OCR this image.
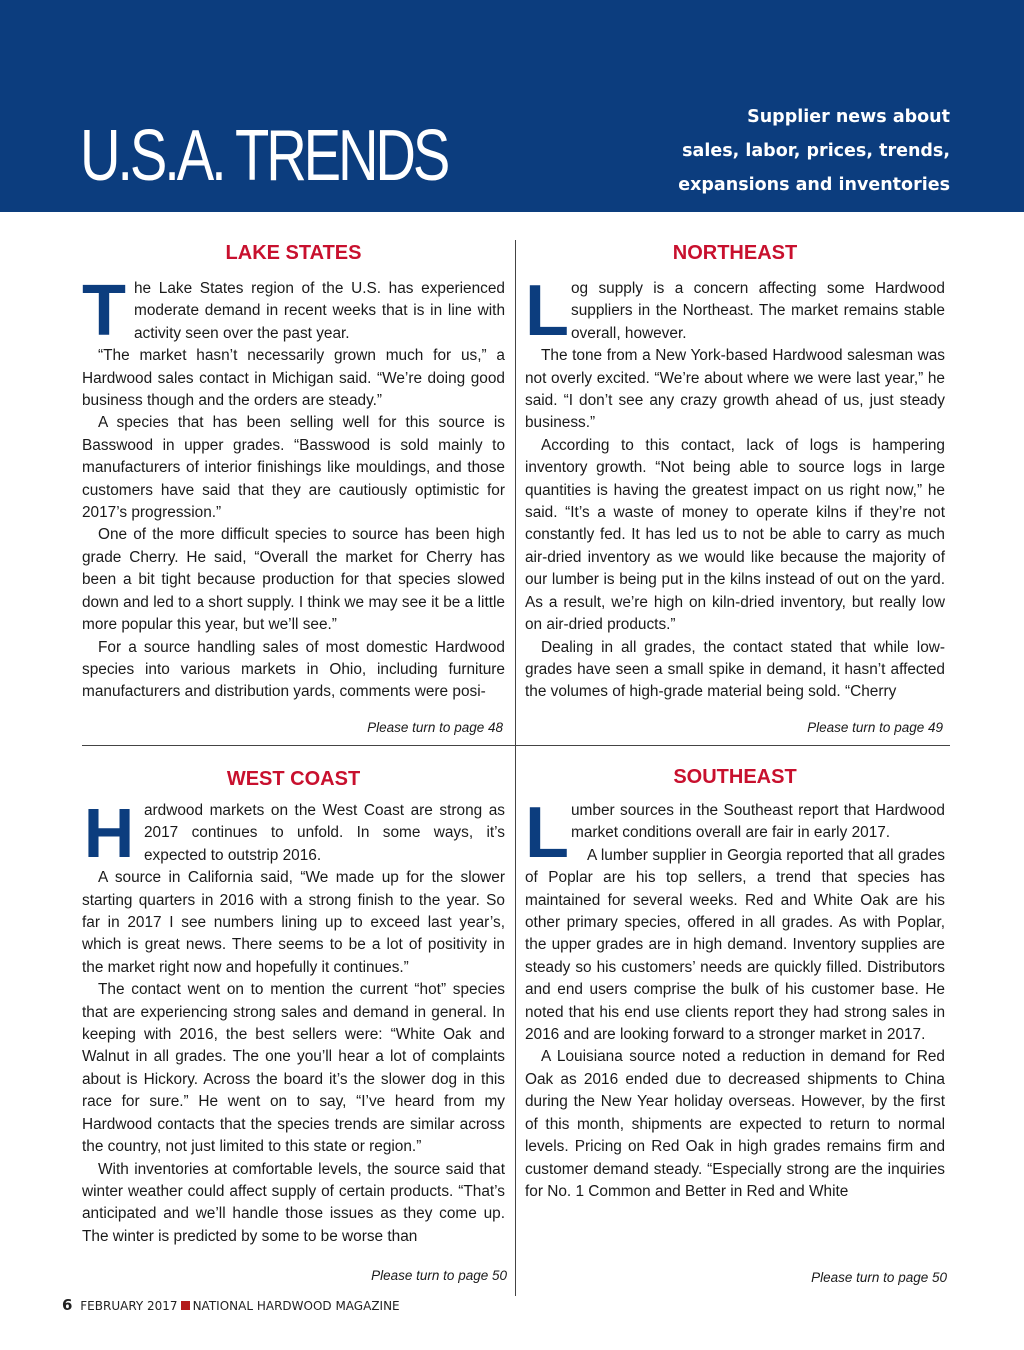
U.S.A. TRENDS	Supplier news about
sales, labor, prices, trends,
expansions and inventories
LAKE STATES

The Lake States region of the U.S. has experienced moderate demand in recent weeks that is in line with activity seen over the past year.

“The market hasn’t necessarily grown much for us,” a Hardwood sales contact in Michigan said. “We’re doing good business though and the orders are steady.”

A species that has been selling well for this source is Basswood in upper grades. “Basswood is sold mainly to manufacturers of interior finishings like mouldings, and those customers have said that they are cautiously optimistic for 2017’s progression.”

One of the more difficult species to source has been high grade Cherry. He said, “Overall the market for Cherry has been a bit tight because production for that species slowed down and led to a short supply. I think we may see it be a little more popular this year, but we’ll see.”

For a source handling sales of most domestic Hardwood species into various markets in Ohio, including furniture manufacturers and distribution yards, comments were posi-

Please turn to page 48
NORTHEAST

Log supply is a concern affecting some Hardwood suppliers in the Northeast. The market remains stable overall, however.

The tone from a New York-based Hardwood salesman was not overly excited. “We’re about where we were last year,” he said. “I don’t see any crazy growth ahead of us, just steady business.”

According to this contact, lack of logs is hampering inventory growth. “Not being able to source logs in large quantities is having the greatest impact on us right now,” he said. “It’s a waste of money to operate kilns if they’re not constantly fed. It has led us to not be able to carry as much air-dried inventory as we would like because the majority of our lumber is being put in the kilns instead of out on the yard. As a result, we’re high on kiln-dried inventory, but really low on air-dried products.”

Dealing in all grades, the contact stated that while low-grades have seen a small spike in demand, it hasn’t affected the volumes of high-grade material being sold. “Cherry

Please turn to page 49
WEST COAST

Hardwood markets on the West Coast are strong as 2017 continues to unfold. In some ways, it’s expected to outstrip 2016.

A source in California said, “We made up for the slower starting quarters in 2016 with a strong finish to the year. So far in 2017 I see numbers lining up to exceed last year’s, which is great news. There seems to be a lot of positivity in the market right now and hopefully it continues.”

The contact went on to mention the current “hot” species that are experiencing strong sales and demand in general. In keeping with 2016, the best sellers were: “White Oak and Walnut in all grades. The one you’ll hear a lot of complaints about is Hickory. Across the board it’s the slower dog in this race for sure.” He went on to say, “I’ve heard from my Hardwood contacts that the species trends are similar across the country, not just limited to this state or region.”

With inventories at comfortable levels, the source said that winter weather could affect supply of certain products. “That’s anticipated and we’ll handle those issues as they come up. The winter is predicted by some to be worse than

Please turn to page 50
SOUTHEAST

Lumber sources in the Southeast report that Hardwood market conditions overall are fair in early 2017.

A lumber supplier in Georgia reported that all grades of Poplar are his top sellers, a trend that species has maintained for several weeks. Red and White Oak are his other primary species, offered in all grades. As with Poplar, the upper grades are in high demand. Inventory supplies are steady so his customers’ needs are quickly filled. Distributors and end users comprise the bulk of his customer base. He noted that his end use clients report they had strong sales in 2016 and are looking forward to a stronger market in 2017.

A Louisiana source noted a reduction in demand for Red Oak as 2016 ended due to decreased shipments to China during the New Year holiday overseas. However, by the first of this month, shipments are expected to return to normal levels. Pricing on Red Oak in high grades remains firm and customer demand steady. “Especially strong are the inquiries for No. 1 Common and Better in Red and White

Please turn to page 50
6 FEBRUARY 2017 NATIONAL HARDWOOD MAGAZINE
